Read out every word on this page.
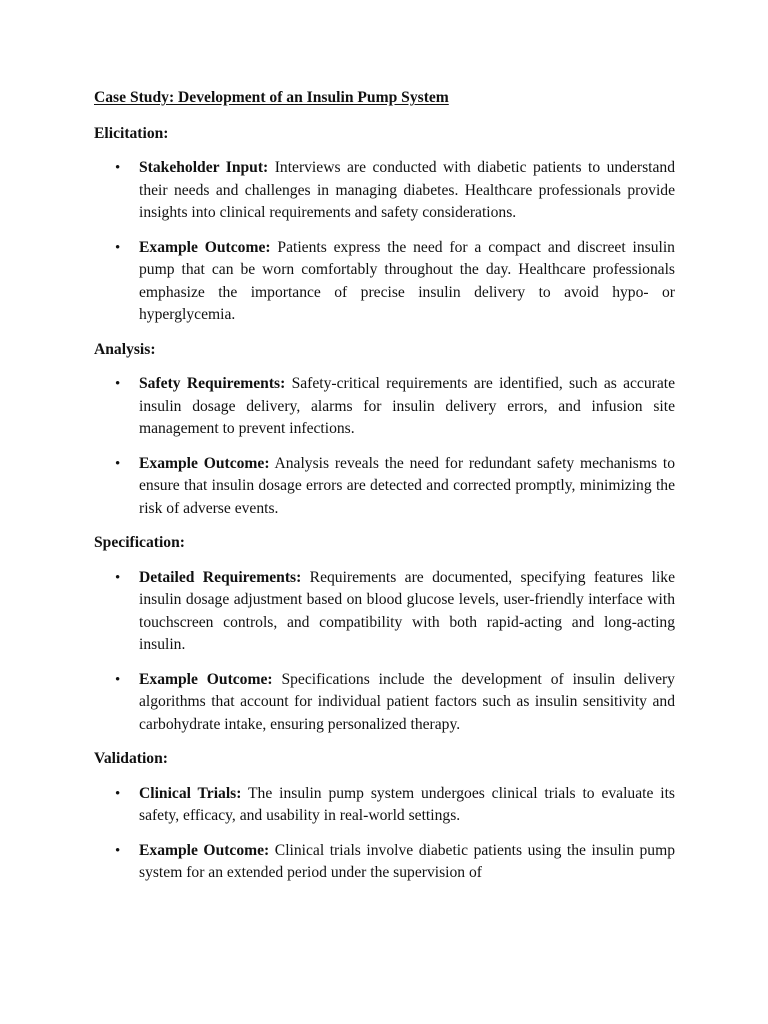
Case Study: Development of an Insulin Pump System
Elicitation:
• Stakeholder Input: Interviews are conducted with diabetic patients to understand their needs and challenges in managing diabetes. Healthcare professionals provide insights into clinical requirements and safety considerations.
• Example Outcome: Patients express the need for a compact and discreet insulin pump that can be worn comfortably throughout the day. Healthcare professionals emphasize the importance of precise insulin delivery to avoid hypo- or hyperglycemia.
Analysis:
• Safety Requirements: Safety-critical requirements are identified, such as accurate insulin dosage delivery, alarms for insulin delivery errors, and infusion site management to prevent infections.
• Example Outcome: Analysis reveals the need for redundant safety mechanisms to ensure that insulin dosage errors are detected and corrected promptly, minimizing the risk of adverse events.
Specification:
• Detailed Requirements: Requirements are documented, specifying features like insulin dosage adjustment based on blood glucose levels, user-friendly interface with touchscreen controls, and compatibility with both rapid-acting and long-acting insulin.
• Example Outcome: Specifications include the development of insulin delivery algorithms that account for individual patient factors such as insulin sensitivity and carbohydrate intake, ensuring personalized therapy.
Validation:
• Clinical Trials: The insulin pump system undergoes clinical trials to evaluate its safety, efficacy, and usability in real-world settings.
• Example Outcome: Clinical trials involve diabetic patients using the insulin pump system for an extended period under the supervision of
